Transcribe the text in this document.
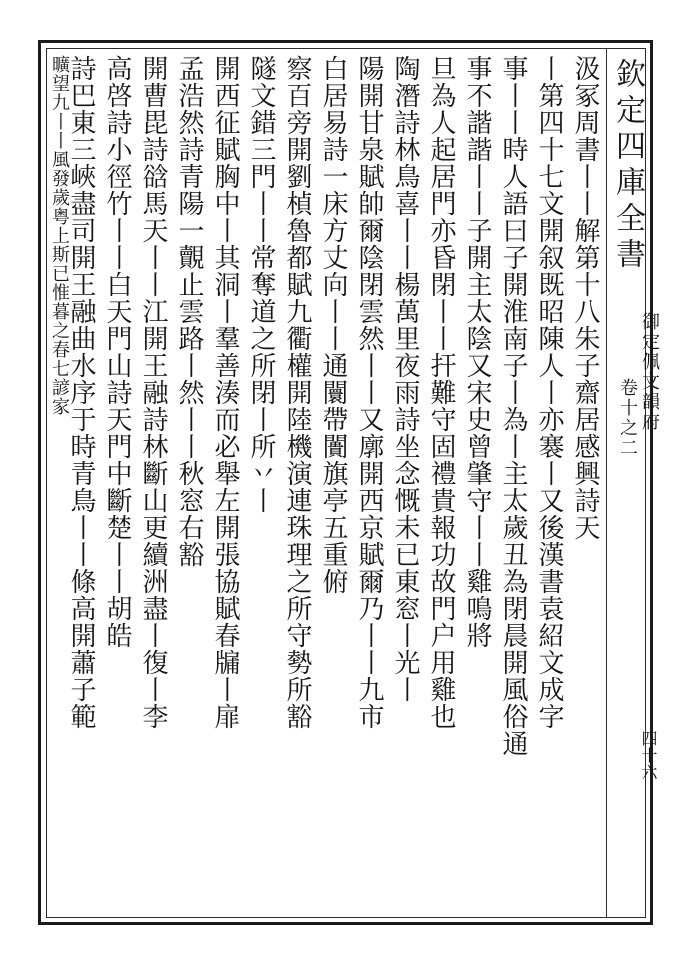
欽定四庫全書
御定佩文韻府
卷十之二
四十六
汲冢周書丨丨解第十八朱子齋居感興詩天
丨第四十七文開叙既昭陳人丨亦褰丨又後漢書袁紹文成字
事丨丨時人語曰子開淮南子丨為丨主太歲丑為閉晨開風俗通
事不諧諧丨丨子開主太陰又宋史曾肇守丨丨雞鳴將
旦為人起居門亦昏閉丨丨扞難守固禮貴報功故門户用雞也
陶潛詩林鳥喜丨丨楊萬里夜雨詩坐念慨未已東窓丨光丨
陽開甘泉賦帥爾陰閉雲然丨丨又廓開西京賦爾乃丨丨九市
白居易詩一床方丈向丨丨通闤帶闠旗亭五重俯
察百旁開劉楨魯都賦九衢權開陸機演連珠理之所守勢所豁
隧文錯三門丨丨常奪道之所閉丨所丷丨
開西征賦胸中丨其洞丨羣善湊而必舉左開張協賦春牖丨扉
孟浩然詩青陽一覿止雲路丨然丨丨秋窓右豁
開曹毘詩谽馬天丨丨江開王融詩林斷山更續洲盡丨復丨李
高啓詩小徑竹丨丨白天門山詩天門中斷楚丨丨胡皓
詩巴東三峽盡司開王融曲水序于時青鳥丨丨條高開蕭子範
曠望九丨丨風發歲粤上斯已惟暮之春七諺家
